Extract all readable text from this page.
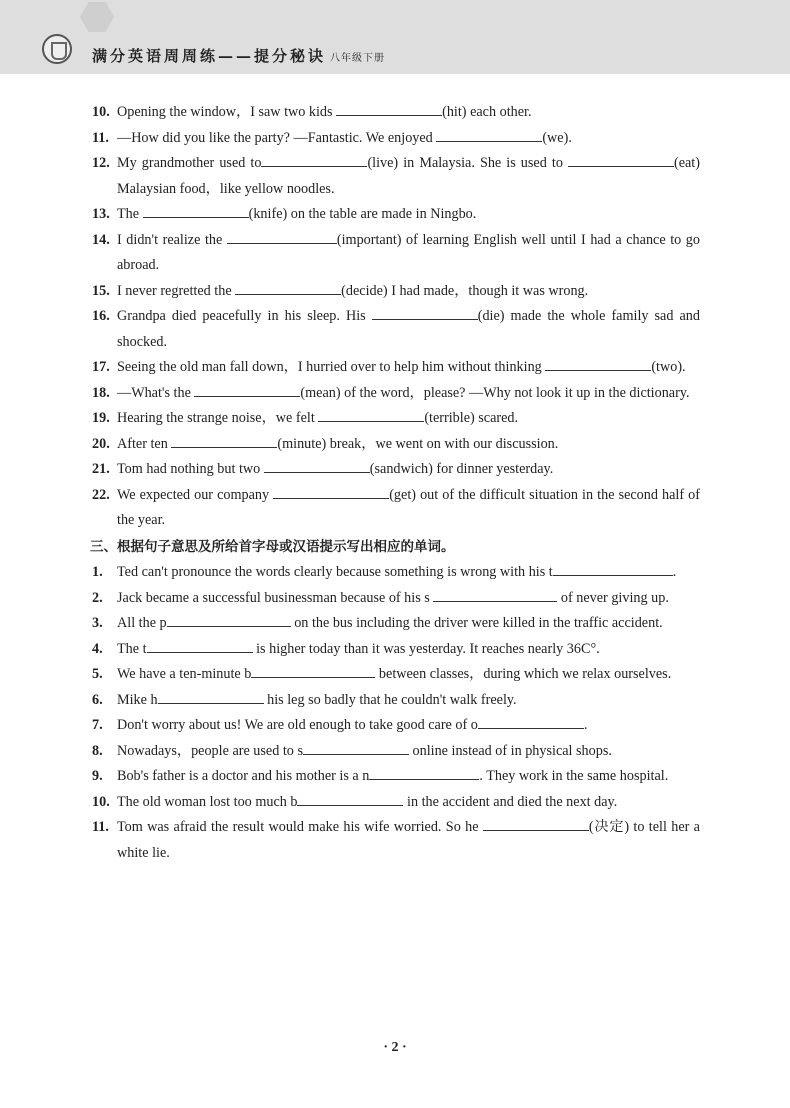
满分英语周周练——提分秘诀 八年级下册
10. Opening the window，I saw two kids	(hit) each other.
11. —How did you like the party? —Fantastic. We enjoyed	(we).
12. My grandmother used to	(live) in Malaysia. She is used to	(eat) Malaysian food，like yellow noodles.
13. The	(knife) on the table are made in Ningbo.
14. I didn't realize the	(important) of learning English well until I had a chance to go abroad.
15. I never regretted the	(decide) I had made，though it was wrong.
16. Grandpa died peacefully in his sleep. His	(die) made the whole family sad and shocked.
17. Seeing the old man fall down，I hurried over to help him without thinking	(two).
18. —What's the	(mean) of the word，please? —Why not look it up in the dictionary.
19. Hearing the strange noise，we felt	(terrible) scared.
20. After ten	(minute) break，we went on with our discussion.
21. Tom had nothing but two	(sandwich) for dinner yesterday.
22. We expected our company	(get) out of the difficult situation in the second half of the year.
三、根据句子意思及所给首字母或汉语提示写出相应的单词。
1. Ted can't pronounce the words clearly because something is wrong with his t	.
2. Jack became a successful businessman because of his s	of never giving up.
3. All the p	on the bus including the driver were killed in the traffic accident.
4. The t	is higher today than it was yesterday. It reaches nearly 36C°.
5. We have a ten-minute b	between classes，during which we relax ourselves.
6. Mike h	his leg so badly that he couldn't walk freely.
7. Don't worry about us! We are old enough to take good care of o	.
8. Nowadays，people are used to s	online instead of in physical shops.
9. Bob's father is a doctor and his mother is a n	. They work in the same hospital.
10. The old woman lost too much b	in the accident and died the next day.
11. Tom was afraid the result would make his wife worried. So he	(决定) to tell her a white lie.
· 2 ·
